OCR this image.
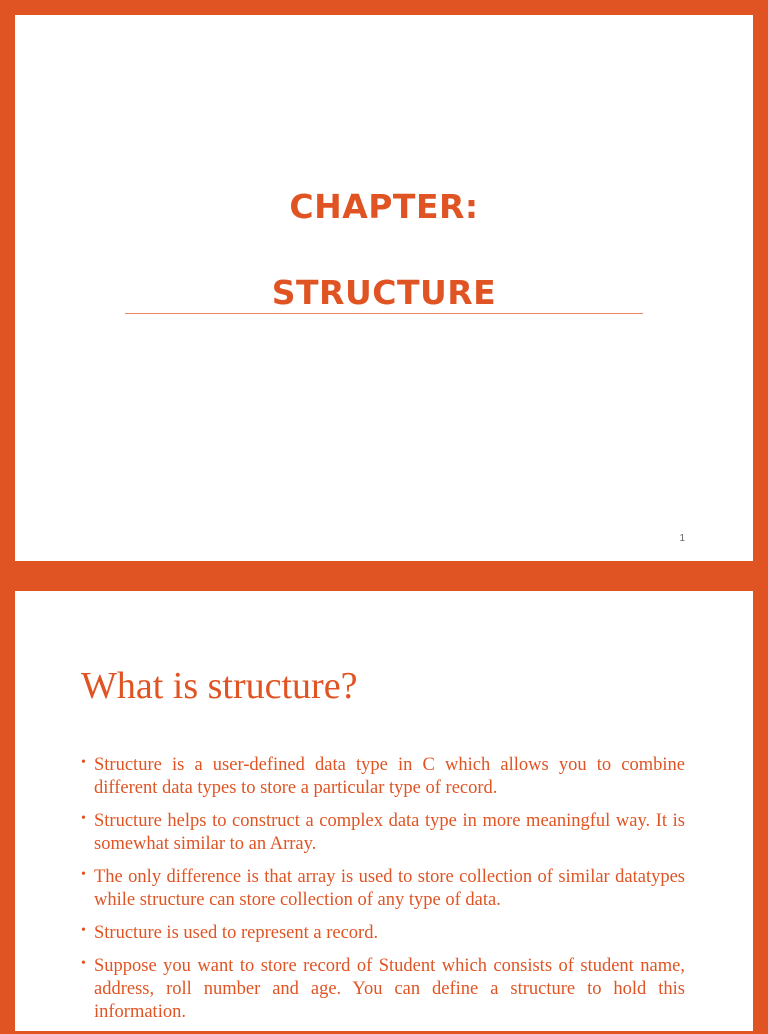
CHAPTER:
STRUCTURE
1
What is structure?
• Structure is a user-defined data type in C which allows you to combine different data types to store a particular type of record.
• Structure helps to construct a complex data type in more meaningful way. It is somewhat similar to an Array.
• The only difference is that array is used to store collection of similar datatypes while structure can store collection of any type of data.
• Structure is used to represent a record.
• Suppose you want to store record of Student which consists of student name, address, roll number and age. You can define a structure to hold this information.
